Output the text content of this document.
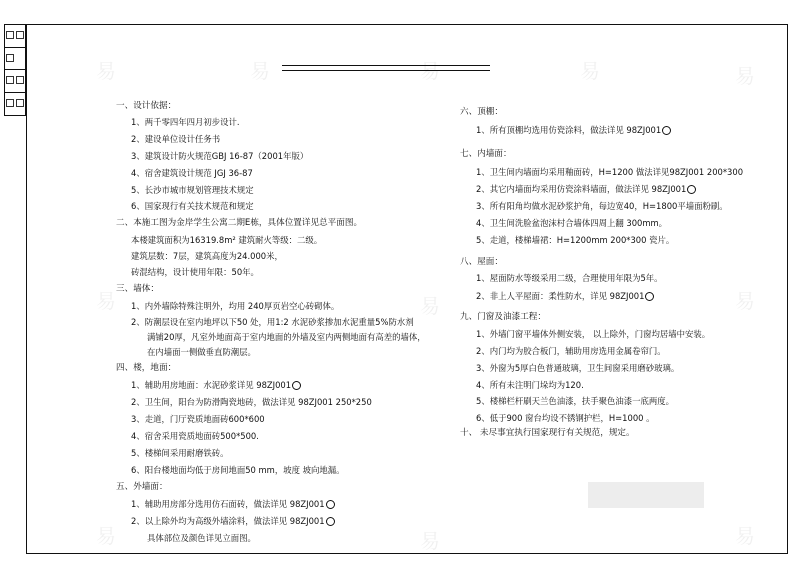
易	易	易	易	易
易	易	易
易	易	易
一、设计依据：
1、两千零四年四月初步设计.
2、建设单位设计任务书
3、建筑设计防火规范GBJ 16-87（2001年版）
4、宿舍建筑设计规范 JGJ 36-87
5、长沙市城市规划管理技术规定
6、国家现行有关技术规范和规定
二、本施工图为金岸学生公寓二期E栋，具体位置详见总平面图。
本楼建筑面积为16319.8m² 建筑耐火等级：二级。
建筑层数：7层，建筑高度为24.000米，
砖混结构，设计使用年限：50年。
三、墙体：
1、内外墙除特殊注明外，均用 240厚页岩空心砖砌体。
2、防潮层设在室内地坪以下50 处，用1:2 水泥砂浆掺加水泥重量5%防水剂
满铺20厚，凡室外地面高于室内地面的外墙及室内两侧地面有高差的墙体，
在内墙面一侧做垂直防潮层。
四、楼，地面：
1、辅助用房地面：水泥砂浆详见 98ZJ001
2、卫生间，阳台为防滑陶瓷地砖，做法详见 98ZJ001 250*250
3、走道，门厅瓷质地面砖600*600
4、宿舍采用瓷质地面砖500*500.
5、楼梯间采用耐磨铁砖。
6、阳台楼地面均低于房间地面50 mm，坡度 坡向地漏。
五、外墙面：
1、辅助用房部分选用仿石面砖，做法详见 98ZJ001
2、以上除外均为高级外墙涂料，做法详见 98ZJ001
具体部位及颜色详见立面图。
六、顶棚：
1、所有顶棚均选用仿瓷涂料，做法详见 98ZJ001
七、内墙面：
1、卫生间内墙面均采用釉面砖，H=1200 做法详见98ZJ001 200*300
2、其它内墙面均采用仿瓷涂料墙面，做法详见 98ZJ001
3、所有阳角均做水泥砂浆护角，每边宽40，H=1800平墙面粉刷。
4、卫生间洗脸盆泡沫村合墙体四周上翻 300mm。
5、走道，楼梯墙裙：H=1200mm 200*300 瓷片。
八、屋面：
1、屋面防水等级采用二级，合理使用年限为5年。
2、非上人平屋面：柔性防水，详见 98ZJ001
九、门窗及油漆工程：
1、外墙门窗平墙体外侧安装， 以上除外，门窗均居墙中安装。
2、内门均为胶合板门，辅助用房选用金属卷帘门。
3、外窗为5厚白色普通玻璃，卫生间窗采用磨砂玻璃。
4、所有未注明门垛均为120.
5、楼梯栏杆刷天兰色油漆，扶手聚色油漆一底两度。
6、低于900 窗台均设不锈钢护栏，H=1000 。
十、 未尽事宜执行国家现行有关规范，规定。
